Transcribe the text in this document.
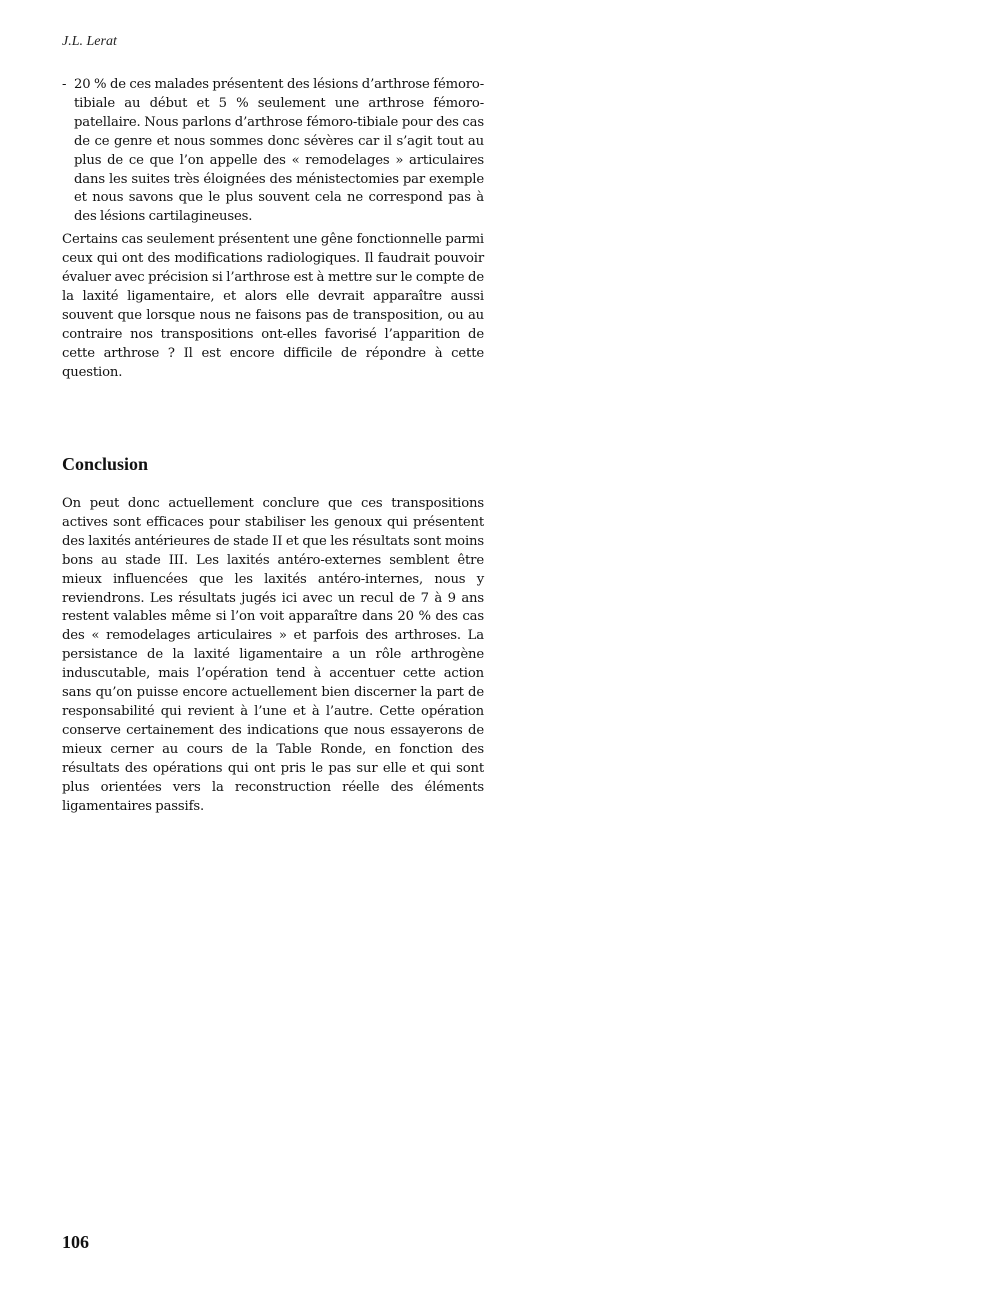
J.L. Lerat

- 20 % de ces malades présentent des lésions d’arthrose fémoro-tibiale au début et 5 % seulement une arthrose fémoro-patellaire. Nous parlons d’arthrose fémoro-tibiale pour des cas de ce genre et nous sommes donc sévères car il s’agit tout au plus de ce que l’on appelle des « remodelages » articulaires dans les suites très éloignées des ménistectomies par exemple et nous savons que le plus souvent cela ne correspond pas à des lésions cartilagineuses.

Certains cas seulement présentent une gêne fonctionnelle parmi ceux qui ont des modifications radiologiques. Il faudrait pouvoir évaluer avec précision si l’arthrose est à mettre sur le compte de la laxité ligamentaire, et alors elle devrait apparaître aussi souvent que lorsque nous ne faisons pas de transposition, ou au contraire nos transpositions ont-elles favorisé l’apparition de cette arthrose ? Il est encore difficile de répondre à cette question.

Conclusion

On peut donc actuellement conclure que ces transpositions actives sont efficaces pour stabiliser les genoux qui présentent des laxités antérieures de stade II et que les résultats sont moins bons au stade III. Les laxités antéro-externes semblent être mieux influencées que les laxités antéro-internes, nous y reviendrons. Les résultats jugés ici avec un recul de 7 à 9 ans restent valables même si l’on voit apparaître dans 20 % des cas des « remodelages articulaires » et parfois des arthroses. La persistance de la laxité ligamentaire a un rôle arthrogène induscutable, mais l’opération tend à accentuer cette action sans qu’on puisse encore actuellement bien discerner la part de responsabilité qui revient à l’une et à l’autre. Cette opération conserve certainement des indications que nous essayerons de mieux cerner au cours de la Table Ronde, en fonction des résultats des opérations qui ont pris le pas sur elle et qui sont plus orientées vers la reconstruction réelle des éléments ligamentaires passifs.

106
